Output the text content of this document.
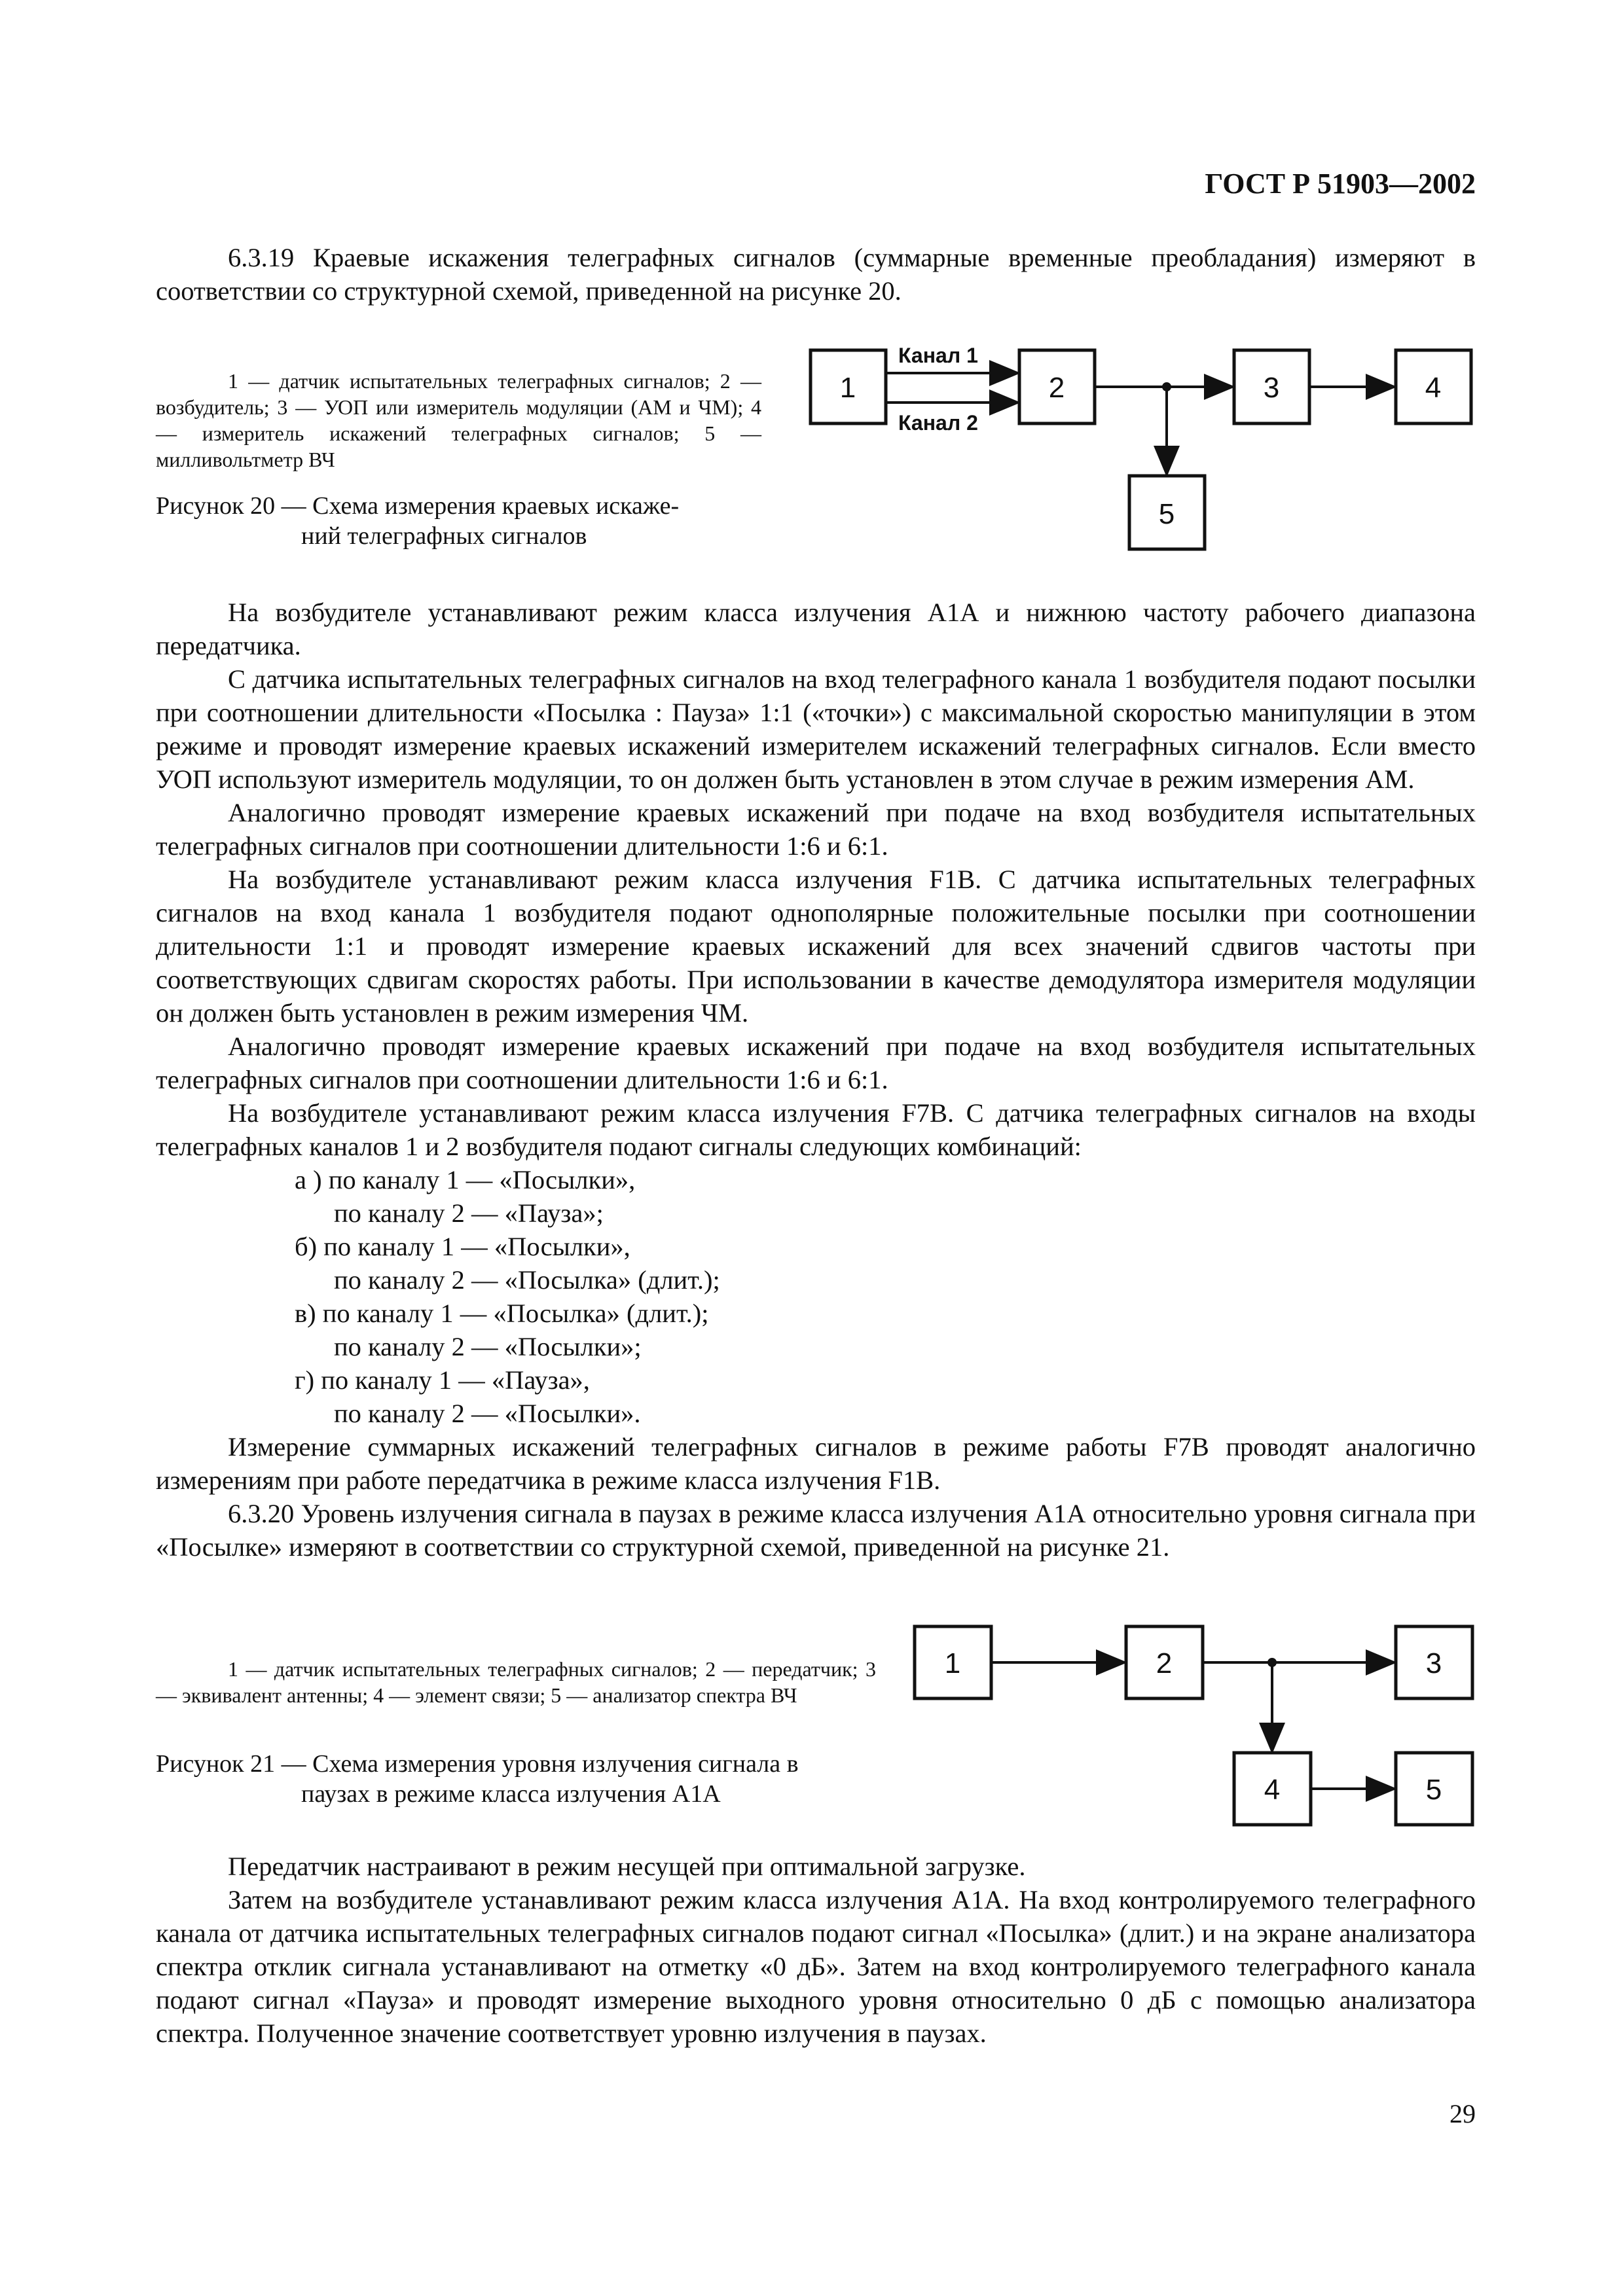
ГОСТ Р 51903—2002

6.3.19 Краевые искажения телеграфных сигналов (суммарные временные преобладания) измеряют в соответствии со структурной схемой, приведенной на рисунке 20.

1 — датчик испытательных телеграфных сигналов; 2 — возбудитель; 3 — УОП или измеритель модуляции (АМ и ЧМ); 4 — измеритель искажений телеграфных сигналов; 5 — милливольтметр ВЧ
Рисунок 20 — Схема измерения краевых искаже-
ний телеграфных сигналов
1	2	3	4
5
Канал 1
Канал 2

На возбудителе устанавливают режим класса излучения А1А и нижнюю частоту рабочего диапазона передатчика.

С датчика испытательных телеграфных сигналов на вход телеграфного канала 1 возбудителя подают посылки при соотношении длительности «Посылка : Пауза» 1:1 («точки») с максимальной скоростью манипуляции в этом режиме и проводят измерение краевых искажений измерителем искажений телеграфных сигналов. Если вместо УОП используют измеритель модуляции, то он должен быть установлен в этом случае в режим измерения АМ.

Аналогично проводят измерение краевых искажений при подаче на вход возбудителя испытательных телеграфных сигналов при соотношении длительности 1:6 и 6:1.

На возбудителе устанавливают режим класса излучения F1B. С датчика испытательных телеграфных сигналов на вход канала 1 возбудителя подают однополярные положительные посылки при соотношении длительности 1:1 и проводят измерение краевых искажений для всех значений сдвигов частоты при соответствующих сдвигам скоростях работы. При использовании в качестве демодулятора измерителя модуляции он должен быть установлен в режим измерения ЧМ.

Аналогично проводят измерение краевых искажений при подаче на вход возбудителя испытательных телеграфных сигналов при соотношении длительности 1:6 и 6:1.

На возбудителе устанавливают режим класса излучения F7B. С датчика телеграфных сигналов на входы телеграфных каналов 1 и 2 возбудителя подают сигналы следующих комбинаций:

а ) по каналу 1 — «Посылки»,

по каналу 2 — «Пауза»;

б) по каналу 1 — «Посылки»,

по каналу 2 — «Посылка» (длит.);

в) по каналу 1 — «Посылка» (длит.);

по каналу 2 — «Посылки»;

г) по каналу 1 — «Пауза»,

по каналу 2 — «Посылки».

Измерение суммарных искажений телеграфных сигналов в режиме работы F7B проводят аналогично измерениям при работе передатчика в режиме класса излучения F1B.

6.3.20 Уровень излучения сигнала в паузах в режиме класса излучения А1А относительно уровня сигнала при «Посылке» измеряют в соответствии со структурной схемой, приведенной на рисунке 21.

1 — датчик испытательных телеграфных сигналов; 2 — передатчик; 3 — эквивалент антенны; 4 — элемент связи; 5 — анализатор спектра ВЧ
Рисунок 21 — Схема измерения уровня излучения сигнала в
паузах в режиме класса излучения А1А
1	2	3
4	5

Передатчик настраивают в режим несущей при оптимальной загрузке.

Затем на возбудителе устанавливают режим класса излучения А1А. На вход контролируемого телеграфного канала от датчика испытательных телеграфных сигналов подают сигнал «Посылка» (длит.) и на экране анализатора спектра отклик сигнала устанавливают на отметку «0 дБ». Затем на вход контролируемого телеграфного канала подают сигнал «Пауза» и проводят измерение выходного уровня относительно 0 дБ с помощью анализатора спектра. Полученное значение соответствует уровню излучения в паузах.

29
